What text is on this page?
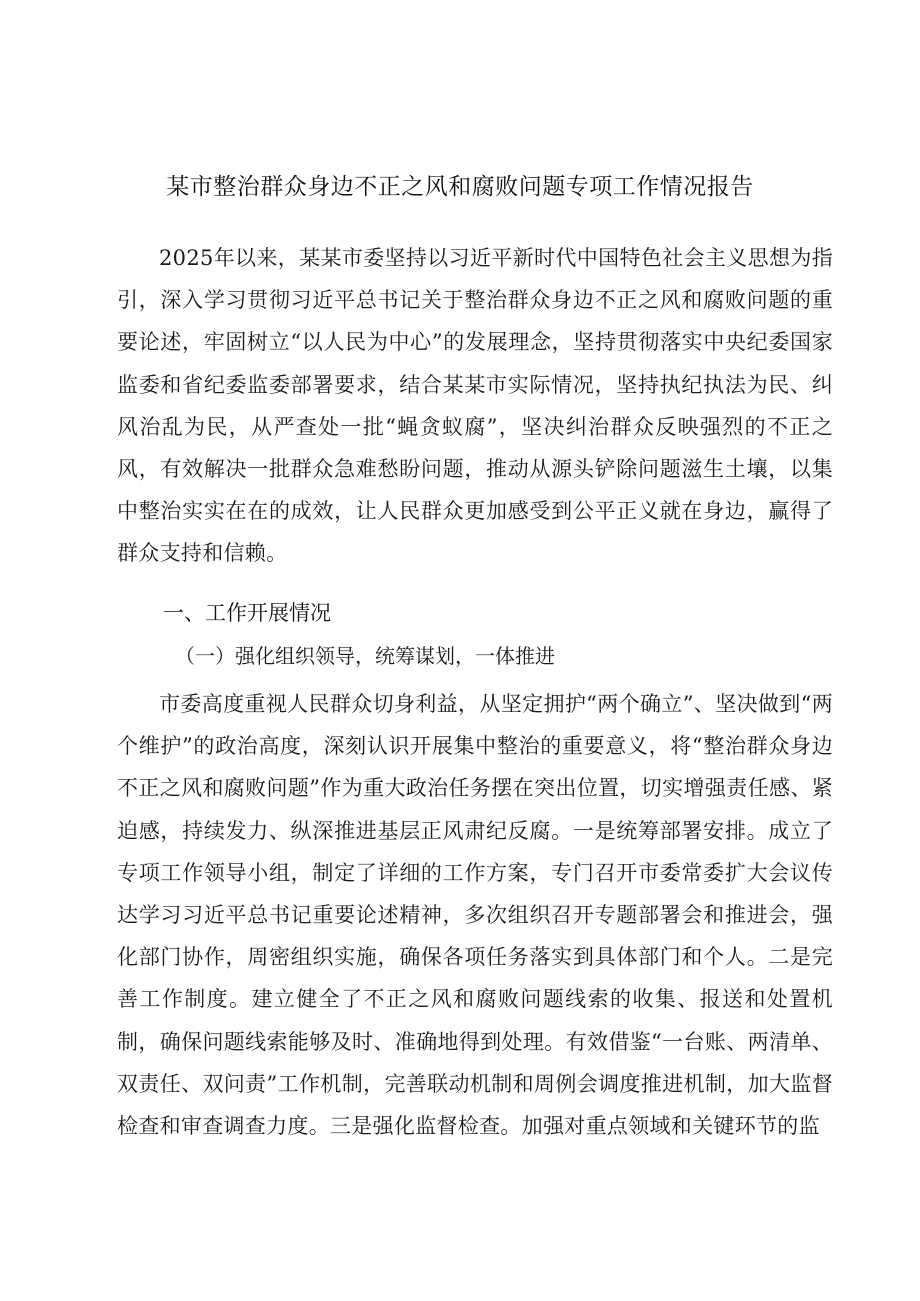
某市整治群众身边不正之风和腐败问题专项工作情况报告

2025年以来，某某市委坚持以习近平新时代中国特色社会主义思想为指引，深入学习贯彻习近平总书记关于整治群众身边不正之风和腐败问题的重要论述，牢固树立“以人民为中心”的发展理念，坚持贯彻落实中央纪委国家监委和省纪委监委部署要求，结合某某市实际情况，坚持执纪执法为民、纠风治乱为民，从严查处一批“蝇贪蚁腐”，坚决纠治群众反映强烈的不正之风，有效解决一批群众急难愁盼问题，推动从源头铲除问题滋生土壤，以集中整治实实在在的成效，让人民群众更加感受到公平正义就在身边，赢得了群众支持和信赖。

一、工作开展情况
（一）强化组织领导，统筹谋划，一体推进

市委高度重视人民群众切身利益，从坚定拥护“两个确立”、坚决做到“两个维护”的政治高度，深刻认识开展集中整治的重要意义，将“整治群众身边不正之风和腐败问题”作为重大政治任务摆在突出位置，切实增强责任感、紧迫感，持续发力、纵深推进基层正风肃纪反腐。一是统筹部署安排。成立了专项工作领导小组，制定了详细的工作方案，专门召开市委常委扩大会议传达学习习近平总书记重要论述精神，多次组织召开专题部署会和推进会，强化部门协作，周密组织实施，确保各项任务落实到具体部门和个人。二是完善工作制度。建立健全了不正之风和腐败问题线索的收集、报送和处置机制，确保问题线索能够及时、准确地得到处理。有效借鉴“一台账、两清单、双责任、双问责”工作机制，完善联动机制和周例会调度推进机制，加大监督检查和审查调查力度。三是强化监督检查。加强对重点领域和关键环节的监
